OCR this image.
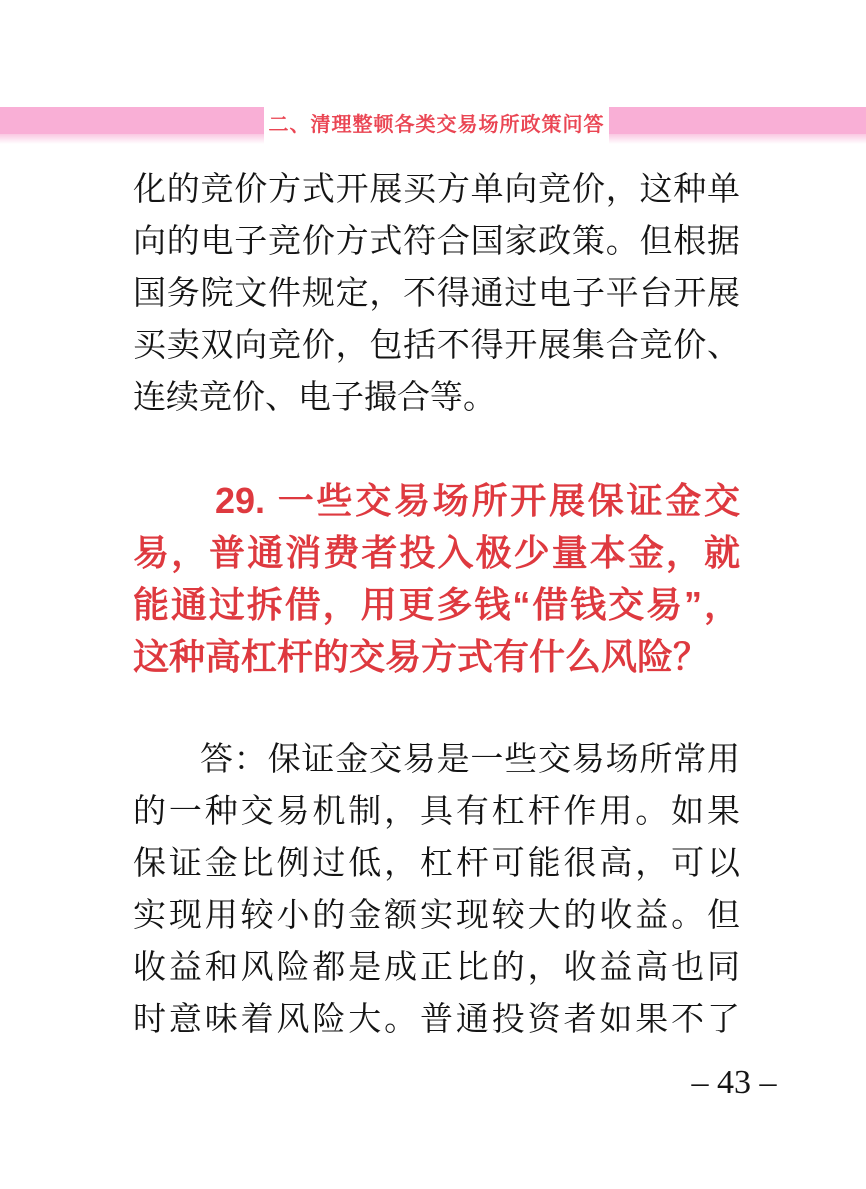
二、清理整顿各类交易场所政策问答
化的竞价方式开展买方单向竞价，这种单
向的电子竞价方式符合国家政策。但根据
国务院文件规定，不得通过电子平台开展
买卖双向竞价，包括不得开展集合竞价、
连续竞价、电子撮合等。
29. 一些交易场所开展保证金交
易，普通消费者投入极少量本金，就
能通过拆借，用更多钱“借钱交易”，
这种高杠杆的交易方式有什么风险？
答：保证金交易是一些交易场所常用
的一种交易机制，具有杠杆作用。如果
保证金比例过低，杠杆可能很高，可以
实现用较小的金额实现较大的收益。但
收益和风险都是成正比的，收益高也同
时意味着风险大。普通投资者如果不了
– 43 –
